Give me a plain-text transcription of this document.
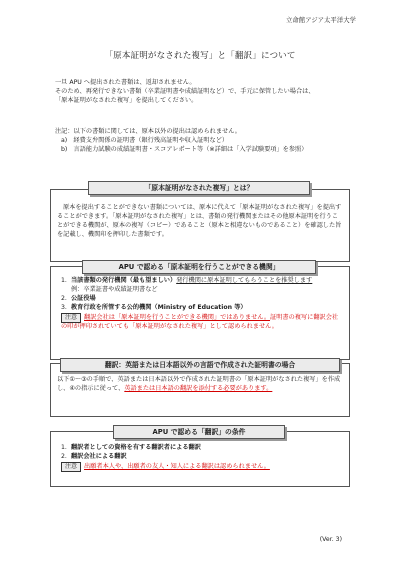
立命館アジア太平洋大学
「原本証明がなされた複写」と「翻訳」について

一旦 APU へ提出された書類は、返却されません。

そのため、再発行できない書類（卒業証明書や成績証明など）で、手元に保管したい場合は、

「原本証明がなされた複写」を提出してください。

注記：以下の書類に関しては、原本以外の提出は認められません。

a)　経費支弁関係の証明書（銀行残高証明や収入証明など）

b)　言語能力試験の成績証明書・スコアレポート等（※詳細は「入学試験要項」を参照）

原本を提出することができない書類については、原本に代えて「原本証明がなされた複写」を提出することができます。「原本証明がなされた複写」とは、書類の発行機関またはその他原本証明を行うことができる機関が、原本の複写（コピー）であること（原本と相違ないものであること）を確認した旨を記載し、機関印を押印した書類です。
「原本証明がなされた複写」とは？

1. 当該書類の発行機関（最も望ましい）発行機関に原本証明してもらうことを推奨します

例：卒業証書や成績証明書など

2. 公証役場

3. 教育行政を所管する公的機関（Ministry of Education 等）

注意 翻訳会社は「原本証明を行うことができる機関」ではありません。証明書の複写に翻訳会社の印が押印されていても「原本証明がなされた複写」として認められません。

APU で認める「原本証明を行うことができる機関」
以下①～③の手順で、英語または日本語以外で作成された証明書の「原本証明がなされた複写」を作成し、④の指示に従って、英語または日本語の翻訳を添付する必要があります。
翻訳：英語または日本語以外の言語で作成された証明書の場合

1. 翻訳者としての資格を有する翻訳者による翻訳

2. 翻訳会社による翻訳

注意 出願者本人や、出願者の友人・知人による翻訳は認められません。

APU で認める「翻訳」の条件
(Ver. 3)
